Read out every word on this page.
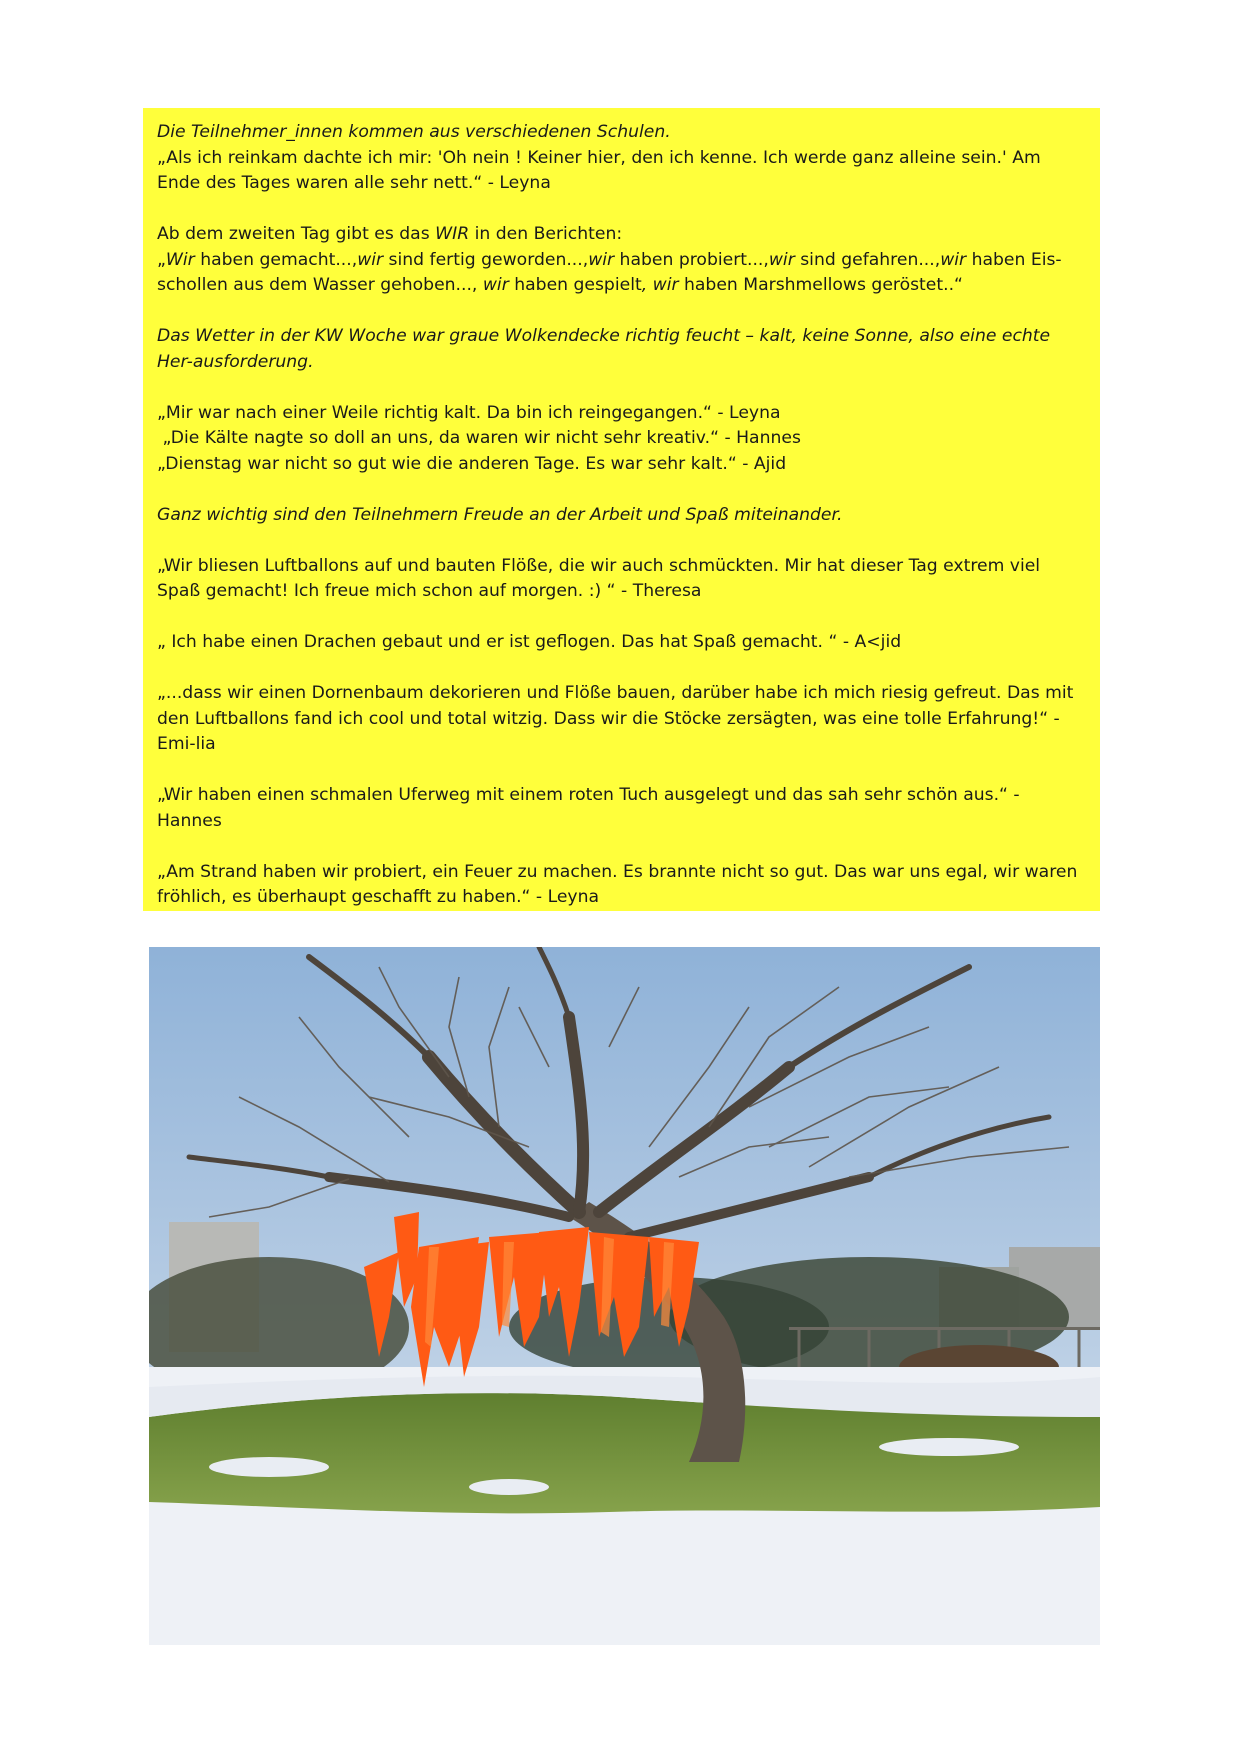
Die Teilnehmer_innen kommen aus verschiedenen Schulen.

„Als ich reinkam dachte ich mir: 'Oh nein ! Keiner hier, den ich kenne. Ich werde ganz alleine sein.' Am Ende des Tages waren alle sehr nett.“ - Leyna

Ab dem zweiten Tag gibt es das WIR in den Berichten:

„Wir haben gemacht...,wir sind fertig geworden...,wir haben probiert...,wir sind gefahren...,wir haben Eis-schollen aus dem Wasser gehoben..., wir haben gespielt, wir haben Marshmellows geröstet..“

Das Wetter in der KW Woche war graue Wolkendecke richtig feucht – kalt, keine Sonne, also eine echte Her-ausforderung.

„Mir war nach einer Weile richtig kalt. Da bin ich reingegangen.“ - Leyna

„Die Kälte nagte so doll an uns, da waren wir nicht sehr kreativ.“ - Hannes

„Dienstag war nicht so gut wie die anderen Tage. Es war sehr kalt.“ - Ajid

Ganz wichtig sind den Teilnehmern Freude an der Arbeit und Spaß miteinander.

„Wir bliesen Luftballons auf und bauten Flöße, die wir auch schmückten. Mir hat dieser Tag extrem viel Spaß gemacht! Ich freue mich schon auf morgen. :) “ - Theresa

„ Ich habe einen Drachen gebaut und er ist geflogen. Das hat Spaß gemacht. “ - A<jid

„...dass wir einen Dornenbaum dekorieren und Flöße bauen, darüber habe ich mich riesig gefreut. Das mit den Luftballons fand ich cool und total witzig. Dass wir die Stöcke zersägten, was eine tolle Erfahrung!“ - Emi-lia

„Wir haben einen schmalen Uferweg mit einem roten Tuch ausgelegt und das sah sehr schön aus.“ - Hannes

„Am Strand haben wir probiert, ein Feuer zu machen. Es brannte nicht so gut. Das war uns egal, wir waren fröhlich, es überhaupt geschafft zu haben.“ - Leyna
